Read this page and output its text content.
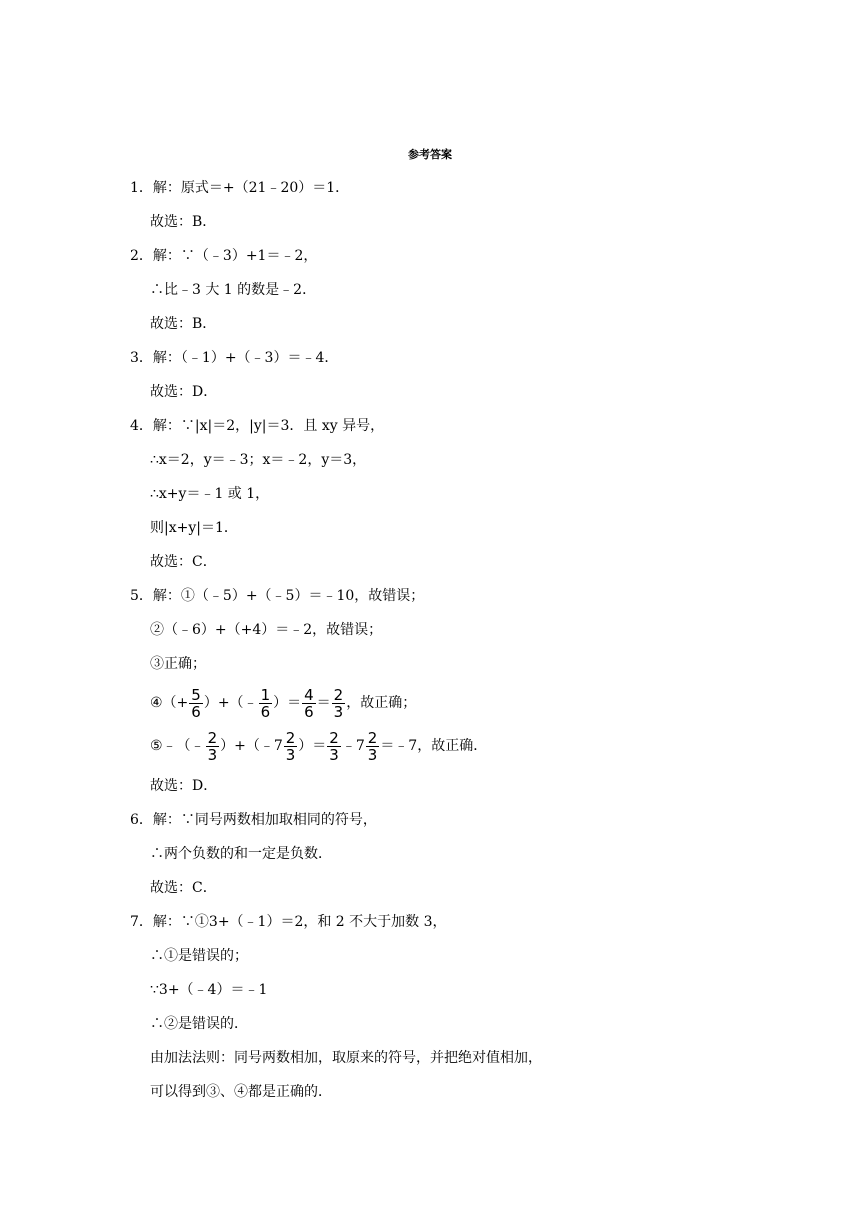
参考答案
1．解：原式＝+（21﹣20）＝1．
故选：B．
2．解：∵（﹣3）+1＝﹣2，
∴比﹣3 大 1 的数是﹣2．
故选：B．
3．解：（﹣1）+（﹣3）＝﹣4．
故选：D．
4．解：∵|x|＝2，|y|＝3．且 xy 异号，
∴x＝2，y＝﹣3；x＝﹣2，y＝3，
∴x+y＝﹣1 或 1，
则|x+y|＝1．
故选：C．
5．解：①（﹣5）+（﹣5）＝﹣10，故错误；
②（﹣6）+（+4）＝﹣2，故错误；
③正确；
④（+ $\frac{5}{6}$ ）+（﹣ $\frac{1}{6}$ ）＝ $\frac{4}{6} = \frac{2}{3}$ ，故正确；
⑤﹣（﹣ $\frac{2}{3}$ ）+（﹣7 $\frac{2}{3}$ ）＝ $\frac{2}{3}$ ﹣7 $\frac{2}{3}$ ＝﹣7，故正确．
故选：D．
6．解：∵同号两数相加取相同的符号，
∴两个负数的和一定是负数．
故选：C．
7．解：∵①3+（﹣1）＝2，和 2 不大于加数 3，
∴①是错误的；
∵3+（﹣4）＝﹣1
∴②是错误的．
由加法法则：同号两数相加，取原来的符号，并把绝对值相加，
可以得到③、④都是正确的．
